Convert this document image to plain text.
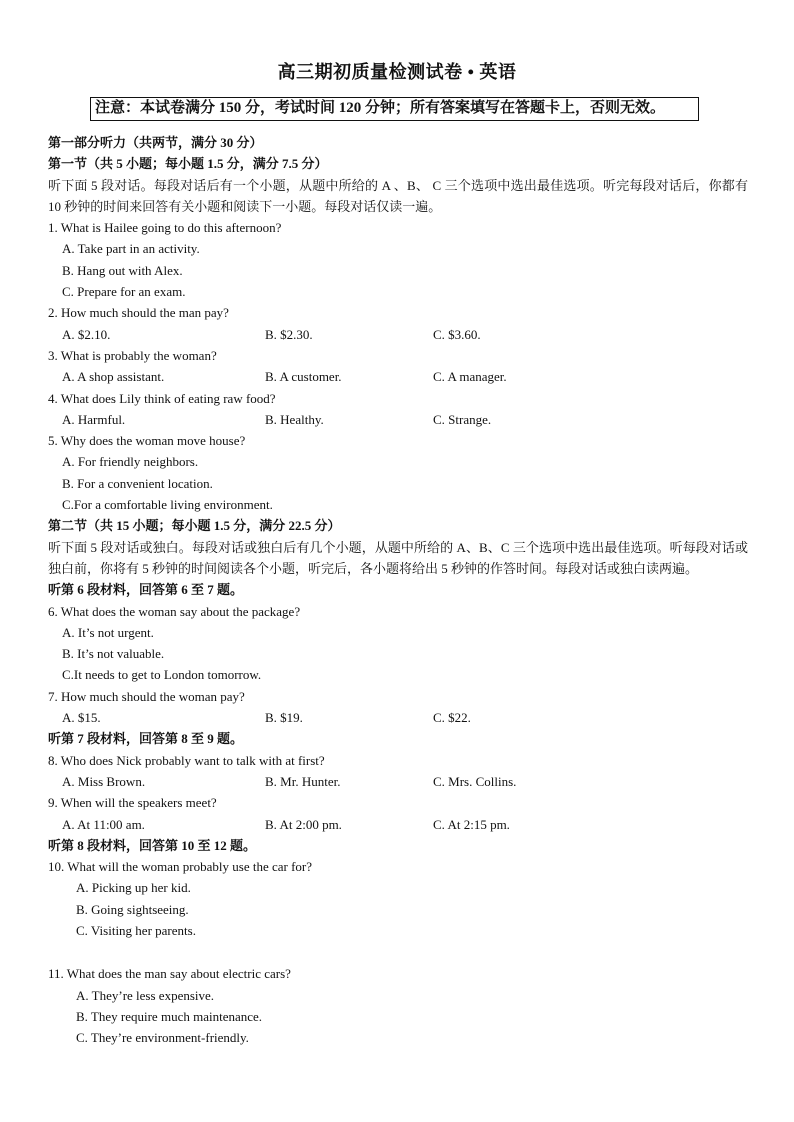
高三期初质量检测试卷 • 英语
注意：本试卷满分 150 分，考试时间 120 分钟；所有答案填写在答题卡上，否则无效。
第一部分听力（共两节，满分 30 分）
第一节（共 5 小题；每小题 1.5 分，满分 7.5 分）
听下面 5 段对话。每段对话后有一个小题，从题中所给的 A 、B、 C 三个选项中选出最佳选项。听完每段对话后，你都有 10 秒钟的时间来回答有关小题和阅读下一小题。每段对话仅读一遍。
1. What is Hailee going to do this afternoon?
A. Take part in an activity.
B. Hang out with Alex.
C. Prepare for an exam.
2. How much should the man pay?
A. $2.10.	B. $2.30.	C. $3.60.
3. What is probably the woman?
A. A shop assistant.	B. A customer.	C. A manager.
4. What does Lily think of eating raw food?
A. Harmful.	B. Healthy.	C. Strange.
5. Why does the woman move house?
A. For friendly neighbors.
B. For a convenient location.
C.For a comfortable living environment.
第二节（共 15 小题；每小题 1.5 分，满分 22.5 分）
听下面 5 段对话或独白。每段对话或独白后有几个小题，从题中所给的 A、B、C 三个选项中选出最佳选项。听每段对话或独白前，你将有 5 秒钟的时间阅读各个小题，听完后，各小题将给出 5 秒钟的作答时间。每段对话或独白读两遍。
听第 6 段材料，回答第 6 至 7 题。
6. What does the woman say about the package?
A. It’s not urgent.
B. It’s not valuable.
C.It needs to get to London tomorrow.
7. How much should the woman pay?
A. $15.	B. $19.	C. $22.
听第 7 段材料，回答第 8 至 9 题。
8. Who does Nick probably want to talk with at first?
A. Miss Brown.	B. Mr. Hunter.	C. Mrs. Collins.
9. When will the speakers meet?
A. At 11:00 am.	B. At 2:00 pm.	C. At 2:15 pm.
听第 8 段材料，回答第 10 至 12 题。
10. What will the woman probably use the car for?
A. Picking up her kid.
B. Going sightseeing.
C. Visiting her parents.
11. What does the man say about electric cars?
A. They’re less expensive.
B. They require much maintenance.
C. They’re environment-friendly.
